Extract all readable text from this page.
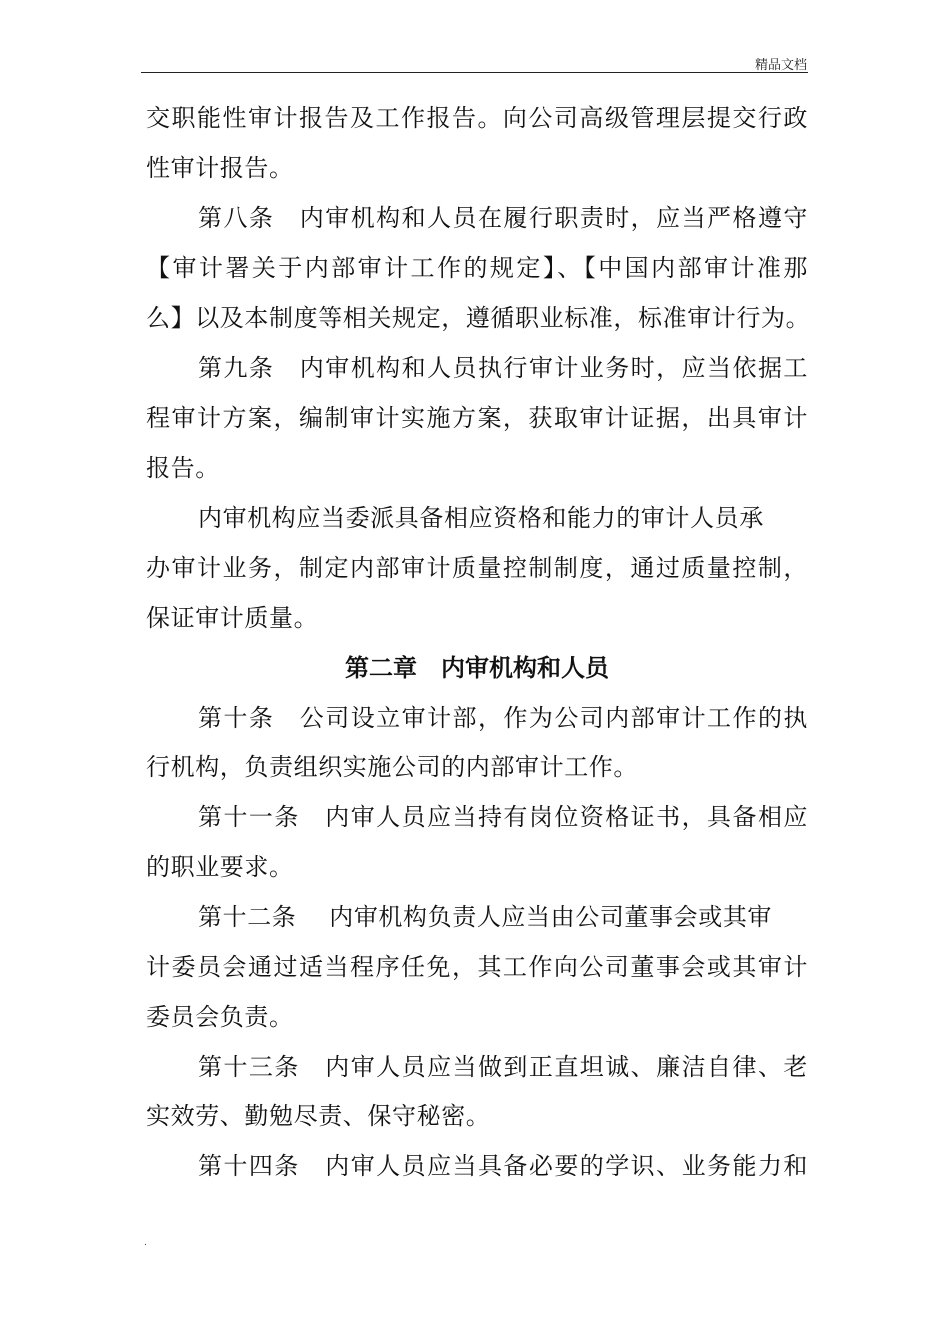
精品文档
交职能性审计报告及工作报告。向公司高级管理层提交行政
性审计报告。
第八条　内审机构和人员在履行职责时，应当严格遵守
【审计署关于内部审计工作的规定】、【中国内部审计准那
么】以及本制度等相关规定，遵循职业标准，标准审计行为。
第九条　内审机构和人员执行审计业务时，应当依据工
程审计方案，编制审计实施方案，获取审计证据，出具审计
报告。
内审机构应当委派具备相应资格和能力的审计人员承
办审计业务，制定内部审计质量控制制度，通过质量控制，
保证审计质量。
第二章　内审机构和人员
第十条　公司设立审计部，作为公司内部审计工作的执
行机构，负责组织实施公司的内部审计工作。
第十一条　内审人员应当持有岗位资格证书，具备相应
的职业要求。
第十二条　 内审机构负责人应当由公司董事会或其审
计委员会通过适当程序任免，其工作向公司董事会或其审计
委员会负责。
第十三条　内审人员应当做到正直坦诚、廉洁自律、老
实效劳、勤勉尽责、保守秘密。
第十四条　内审人员应当具备必要的学识、业务能力和
.
